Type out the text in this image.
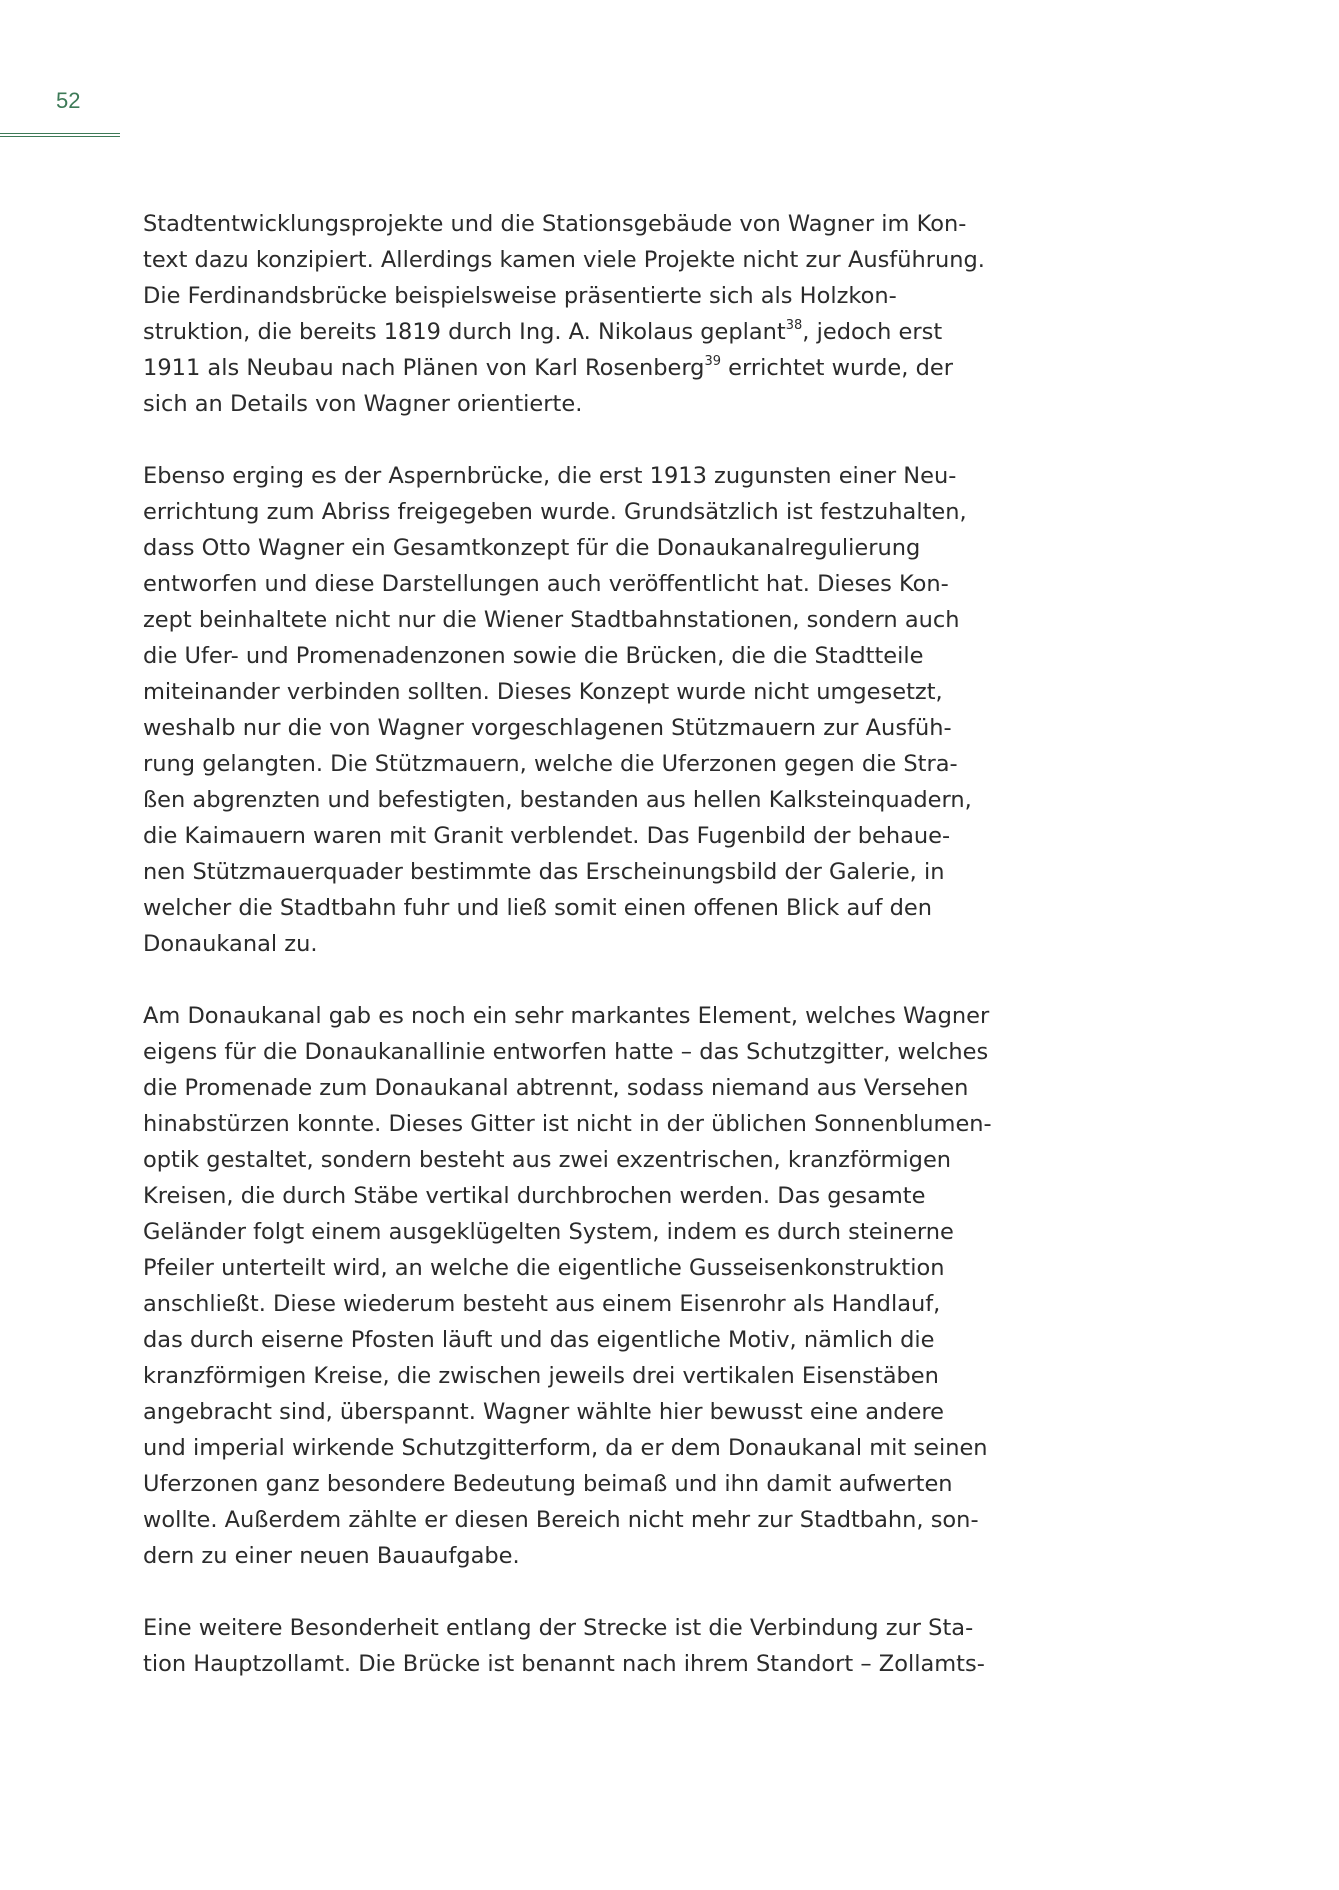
52
Stadtentwicklungsprojekte und die Stationsgebäude von Wagner im Kon-
text dazu konzipiert. Allerdings kamen viele Projekte nicht zur Ausführung.
Die Ferdinandsbrücke beispielsweise präsentierte sich als Holzkon-
struktion, die bereits 1819 durch Ing. A. Nikolaus geplant$^{38}$, jedoch erst
1911 als Neubau nach Plänen von Karl Rosenberg$^{39}$ errichtet wurde, der
sich an Details von Wagner orientierte.
Ebenso erging es der Aspernbrücke, die erst 1913 zugunsten einer Neu-
errichtung zum Abriss freigegeben wurde. Grundsätzlich ist festzuhalten,
dass Otto Wagner ein Gesamtkonzept für die Donaukanalregulierung
entworfen und diese Darstellungen auch veröffentlicht hat. Dieses Kon-
zept beinhaltete nicht nur die Wiener Stadtbahnstationen, sondern auch
die Ufer- und Promenadenzonen sowie die Brücken, die die Stadtteile
miteinander verbinden sollten. Dieses Konzept wurde nicht umgesetzt,
weshalb nur die von Wagner vorgeschlagenen Stützmauern zur Ausfüh-
rung gelangten. Die Stützmauern, welche die Uferzonen gegen die Stra-
ßen abgrenzten und befestigten, bestanden aus hellen Kalksteinquadern,
die Kaimauern waren mit Granit verblendet. Das Fugenbild der behaue-
nen Stützmauerquader bestimmte das Erscheinungsbild der Galerie, in
welcher die Stadtbahn fuhr und ließ somit einen offenen Blick auf den
Donaukanal zu.
Am Donaukanal gab es noch ein sehr markantes Element, welches Wagner
eigens für die Donaukanallinie entworfen hatte – das Schutzgitter, welches
die Promenade zum Donaukanal abtrennt, sodass niemand aus Versehen
hinabstürzen konnte. Dieses Gitter ist nicht in der üblichen Sonnenblumen-
optik gestaltet, sondern besteht aus zwei exzentrischen, kranzförmigen
Kreisen, die durch Stäbe vertikal durchbrochen werden. Das gesamte
Geländer folgt einem ausgeklügelten System, indem es durch steinerne
Pfeiler unterteilt wird, an welche die eigentliche Gusseisenkonstruktion
anschließt. Diese wiederum besteht aus einem Eisenrohr als Handlauf,
das durch eiserne Pfosten läuft und das eigentliche Motiv, nämlich die
kranzförmigen Kreise, die zwischen jeweils drei vertikalen Eisenstäben
angebracht sind, überspannt. Wagner wählte hier bewusst eine andere
und imperial wirkende Schutzgitterform, da er dem Donaukanal mit seinen
Uferzonen ganz besondere Bedeutung beimaß und ihn damit aufwerten
wollte. Außerdem zählte er diesen Bereich nicht mehr zur Stadtbahn, son-
dern zu einer neuen Bauaufgabe.
Eine weitere Besonderheit entlang der Strecke ist die Verbindung zur Sta-
tion Hauptzollamt. Die Brücke ist benannt nach ihrem Standort – Zollamts-
